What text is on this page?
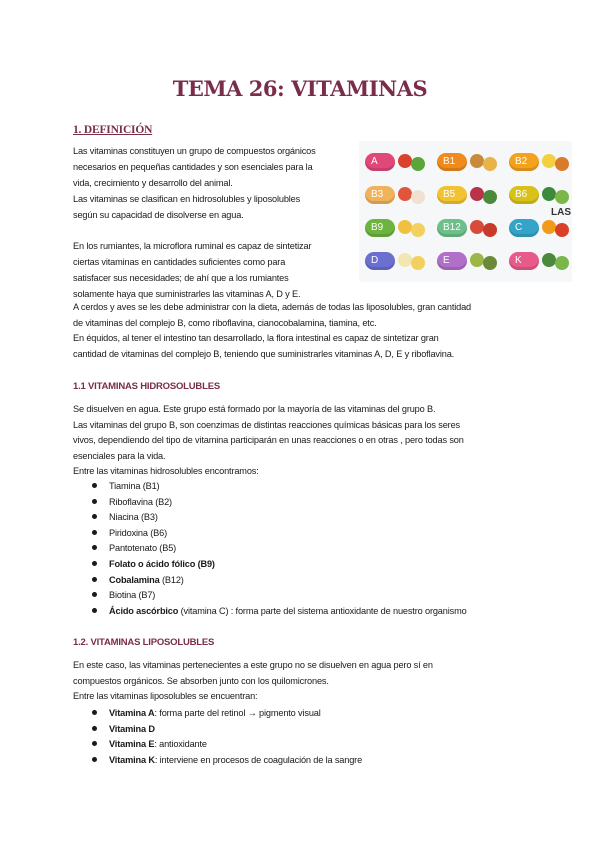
TEMA 26: VITAMINAS
1. DEFINICIÓN
Las vitaminas constituyen un grupo de compuestos orgánicos
necesarios en pequeñas cantidades y son esenciales para la
vida, crecimiento y desarrollo del animal.
Las vitaminas se clasifican en hidrosolubles y liposolubles
según su capacidad de disolverse en agua.
En los rumiantes, la microflora ruminal es capaz de sintetizar
ciertas vitaminas en cantidades suficientes como para
satisfacer sus necesidades; de ahí que a los rumiantes
solamente haya que suministrarles las vitaminas A, D y E.
A cerdos y aves se les debe administrar con la dieta, además de todas las liposolubles, gran cantidad
de vitaminas del complejo B, como riboflavina, cianocobalamina, tiamina, etc.
En équidos, al tener el intestino tan desarrollado, la flora intestinal es capaz de sintetizar gran
cantidad de vitaminas del complejo B, teniendo que suministrarles vitaminas A, D, E y riboflavina.
LAS
A	B1	B2
B3	B5	B6
B9	B12	C
D	E	K
1.1 VITAMINAS HIDROSOLUBLES
Se disuelven en agua. Este grupo está formado por la mayoría de las vitaminas del grupo B.
Las vitaminas del grupo B, son coenzimas de distintas reacciones químicas básicas para los seres
vivos, dependiendo del tipo de vitamina participarán en unas reacciones o en otras , pero todas son
esenciales para la vida.
Entre las vitaminas hidrosolubles encontramos:
Tiamina (B1)
Riboflavina (B2)
Niacina (B3)
Piridoxina (B6)
Pantotenato (B5)
Folato o ácido fólico (B9)
Cobalamina (B12)
Biotina (B7)
Ácido ascórbico (vitamina C) : forma parte del sistema antioxidante de nuestro organismo
1.2. VITAMINAS LIPOSOLUBLES
En este caso, las vitaminas pertenecientes a este grupo no se disuelven en agua pero sí en
compuestos orgánicos. Se absorben junto con los quilomicrones.
Entre las vitaminas liposolubles se encuentran:
Vitamina A: forma parte del retinol → pigmento visual
Vitamina D
Vitamina E: antioxidante
Vitamina K: interviene en procesos de coagulación de la sangre
